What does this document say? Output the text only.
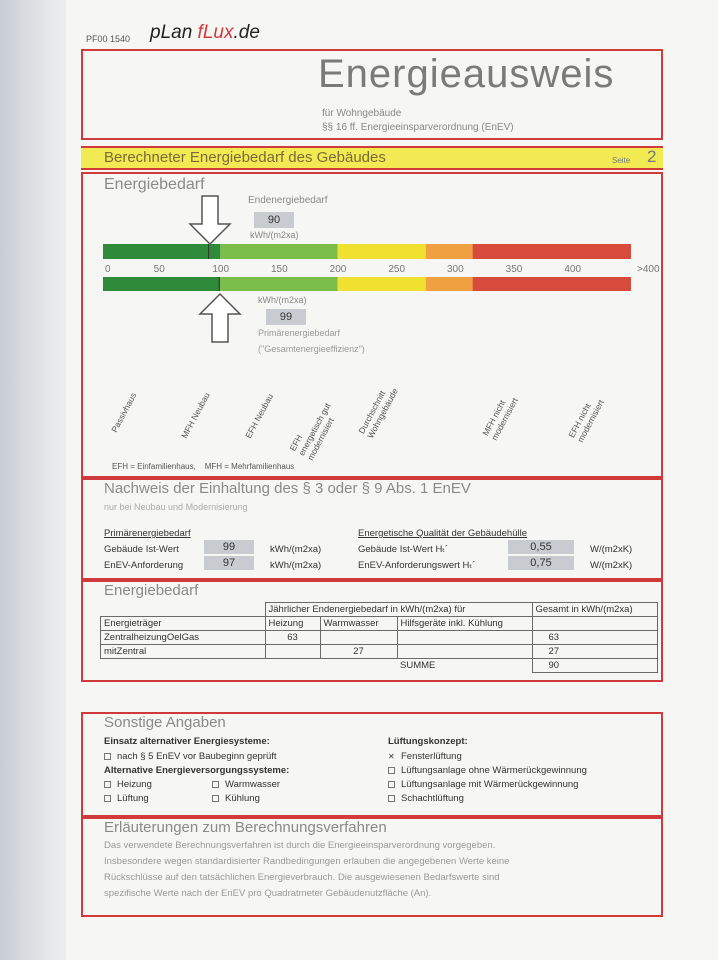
PF00 1540 pLan fLux.de
Energieausweis
für Wohngebäude
§§ 16 ff. Energieeinsparverordnung (EnEV)
Berechneter Energiebedarf des Gebäudes	Seite 2
Energiebedarf
Endenergiebedarf
90
kWh/(m2xa)
0	50	100	150	200	250	300	350	400	>400
kWh/(m2xa)
99
Primärenergiebedarf
("Gesamtenergieeffizienz")
Passivhaus	MFH Neubau	EFH Neubau
EFH energetisch gut modernisiert
Durchschnitt Wohngebäude	MFH nicht modernisiert	EFH nicht modernisiert
EFH = Einfamilienhaus,    MFH = Mehrfamilienhaus
Nachweis der Einhaltung des § 3 oder § 9 Abs. 1 EnEV
nur bei Neubau und Modernisierung
Primärenergiebedarf
Gebäude Ist-Wert	99	kWh/(m2xa)
EnEV-Anforderung	97	kWh/(m2xa)
Energetische Qualität der Gebäudehülle
Gebäude Ist-Wert Hₜ´	0,55	W/(m2xK)
EnEV-Anforderungswert Hₜ´	0,75	W/(m2xK)
Energiebedarf
	Jährlicher Endenergiebedarf in kWh/(m2xa) für			Gesamt in kWh/(m2xa)
Energieträger	Heizung	Warmwasser	Hilfsgeräte inkl. Kühlung	
ZentralheizungOelGas	63			63
mitZentral		27		27
			SUMME	90
Sonstige Angaben
Einsatz alternativer Energiesysteme:
nach § 5 EnEV vor Baubeginn geprüft
Alternative Energieversorgungssysteme:
Heizung	Warmwasser
Lüftung	Kühlung
Lüftungskonzept:
✕ Fensterlüftung
Lüftungsanlage ohne Wärmerückgewinnung
Lüftungsanlage mit Wärmerückgewinnung
Schachtlüftung
Erläuterungen zum Berechnungsverfahren
Das verwendete Berechnungsverfahren ist durch die Energieeinsparverordnung vorgegeben.
Insbesondere wegen standardisierter Randbedingungen erlauben die angegebenen Werte keine
Rückschlüsse auf den tatsächlichen Energieverbrauch. Die ausgewiesenen Bedarfswerte sind
spezifische Werte nach der EnEV pro Quadratmeter Gebäudenutzfläche (An).
